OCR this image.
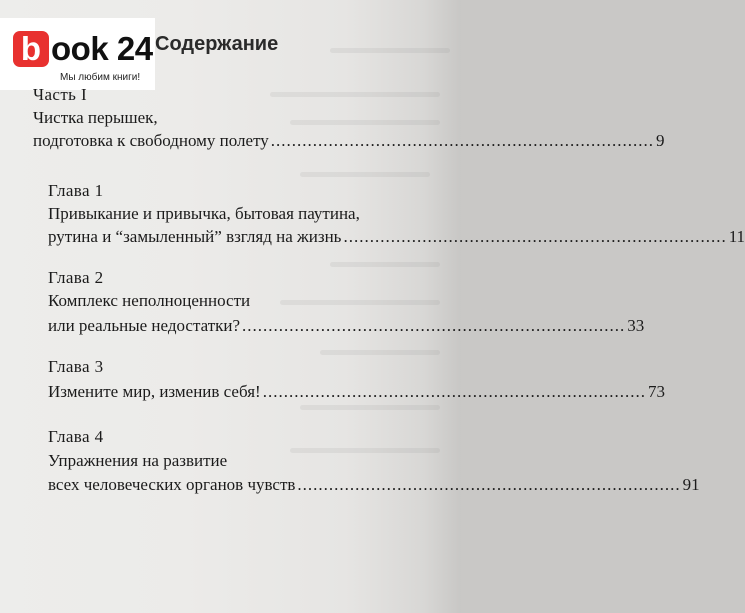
b ook 24
Мы любим книги!
Содержание
Часть I
Чистка перышек,
подготовка к свободному полету ......................................................................... 9
Глава 1
Привыкание и привычка, бытовая паутина,
рутина и “замыленный” взгляд на жизнь ......................................................................... 11
Глава 2
Комплекс неполноценности
или реальные недостатки? ......................................................................... 33
Глава 3
Измените мир, изменив себя! ......................................................................... 73
Глава 4
Упражнения на развитие
всех человеческих органов чувств ......................................................................... 91
